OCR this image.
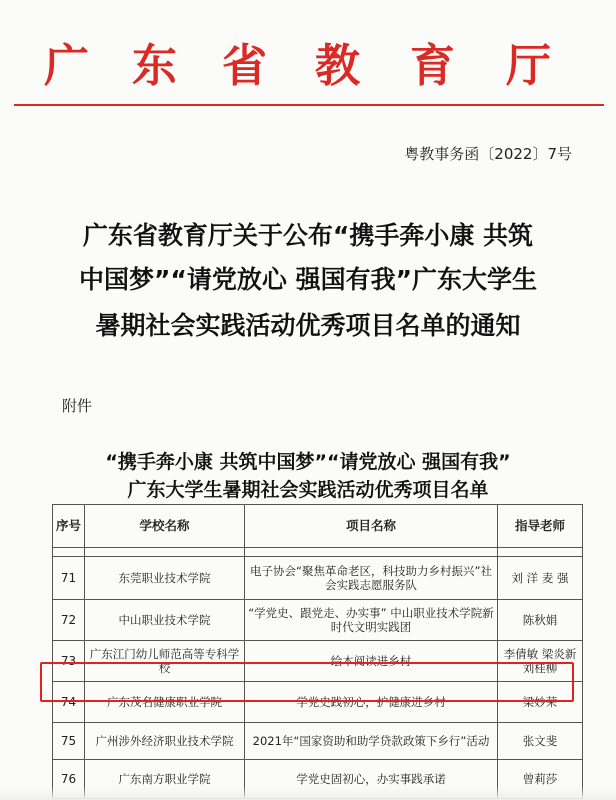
广 东 省 教 育 厅
粤教事务函〔2022〕7号
广东省教育厅关于公布“携手奔小康 共筑
中国梦”“请党放心 强国有我”广东大学生
暑期社会实践活动优秀项目名单的通知
附件
“携手奔小康 共筑中国梦”“请党放心 强国有我”
广东大学生暑期社会实践活动优秀项目名单
序号	学校名称	项目名称	指导老师

71	东莞职业技术学院	电子协会“聚焦革命老区，科技助力乡村振兴”社会实践志愿服务队	刘 洋 麦 强
72	中山职业技术学院	“学党史、跟党走、办实事” 中山职业技术学院新时代文明实践团	陈秋娟
73	广东江门幼儿师范高等专科学校	绘本阅读进乡村	李倩敏 梁炎新 刘桂柳
74	广东茂名健康职业学院	学党史践初心，护健康进乡村	梁妙荣
75	广州涉外经济职业技术学院	2021年“国家资助和助学贷款政策下乡行”活动	张文斐
76	广东南方职业学院	学党史固初心，办实事践承诺	曾莉莎
